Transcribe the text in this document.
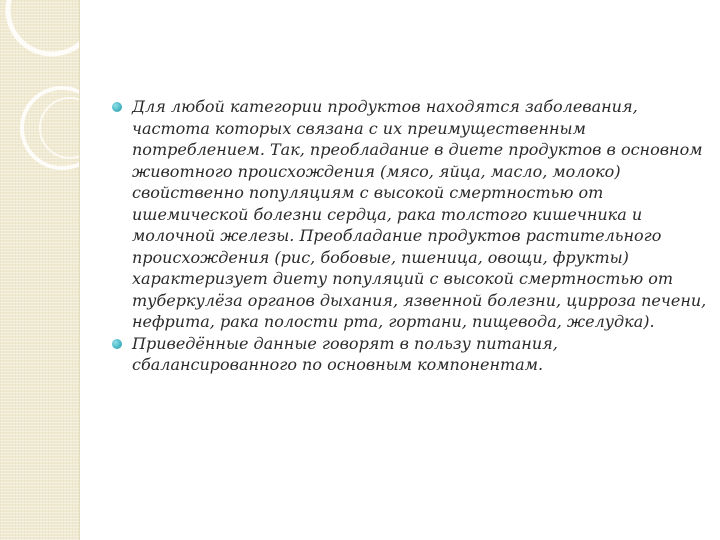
Для любой категории продуктов находятся заболевания, частота которых связана с их преимущественным потреблением. Так, преобладание в диете продуктов в основном животного происхождения (мясо, яйца, масло, молоко) свойственно популяциям с высокой смертностью от ишемической болезни сердца, рака толстого кишечника и молочной железы. Преобладание продуктов растительного происхождения (рис, бобовые, пшеница, овощи, фрукты) характеризует диету популяций с высокой смертностью от туберкулёза органов дыхания, язвенной болезни, цирроза печени, нефрита, рака полости рта, гортани, пищевода, желудка).
Приведённые данные говорят в пользу питания, сбалансированного по основным компонентам.
